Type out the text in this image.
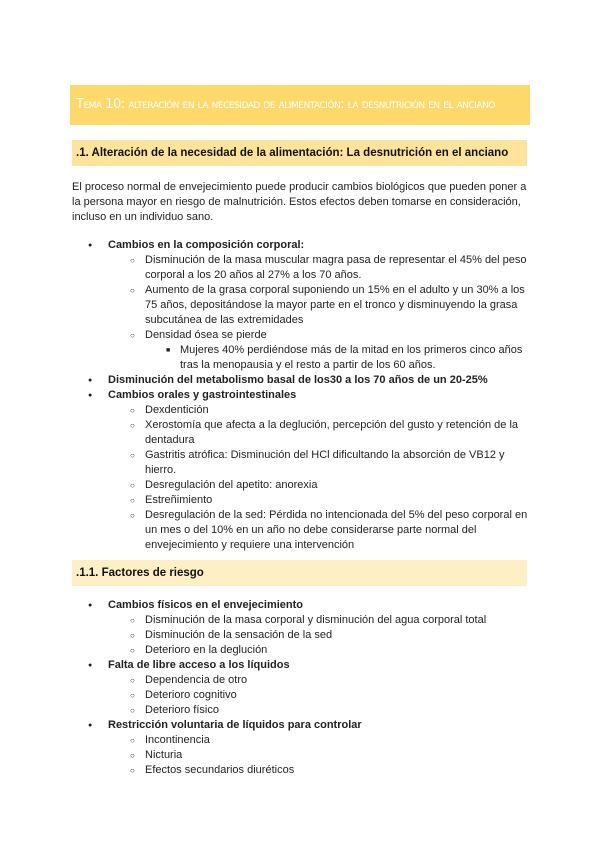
Tema 10: alteración en la necesidad de alimentación: la desnutrición en el anciano
.1. Alteración de la necesidad de la alimentación: La desnutrición en el anciano
El proceso normal de envejecimiento puede producir cambios biológicos que pueden poner a la persona mayor en riesgo de malnutrición. Estos efectos deben tomarse en consideración, incluso en un individuo sano.
● Cambios en la composición corporal:
○ Disminución de la masa muscular magra pasa de representar el 45% del peso corporal a los 20 años al 27% a los 70 años.
○ Aumento de la grasa corporal suponiendo un 15% en el adulto y un 30% a los 75 años, depositándose la mayor parte en el tronco y disminuyendo la grasa subcutánea de las extremidades
○ Densidad ósea se pierde
■ Mujeres 40% perdiéndose más de la mitad en los primeros cinco años tras la menopausia y el resto a partir de los 60 años.
● Disminución del metabolismo basal de los30 a los 70 años de un 20-25%
● Cambios orales y gastrointestinales
○ Dexdentición
○ Xerostomía que afecta a la deglución, percepción del gusto y retención de la dentadura
○ Gastritis atrófica: Disminución del HCl dificultando la absorción de VB12 y hierro.
○ Desregulación del apetito: anorexia
○ Estreñimiento
○ Desregulación de la sed: Pérdida no intencionada del 5% del peso corporal en un mes o del 10% en un año no debe considerarse parte normal del envejecimiento y requiere una intervención
.1.1. Factores de riesgo
● Cambios físicos en el envejecimiento
○ Disminución de la masa corporal y disminución del agua corporal total
○ Disminución de la sensación de la sed
○ Deterioro en la deglución
● Falta de libre acceso a los líquidos
○ Dependencia de otro
○ Deterioro cognitivo
○ Deterioro físico
● Restricción voluntaria de líquidos para controlar
○ Incontinencia
○ Nicturia
○ Efectos secundarios diuréticos
